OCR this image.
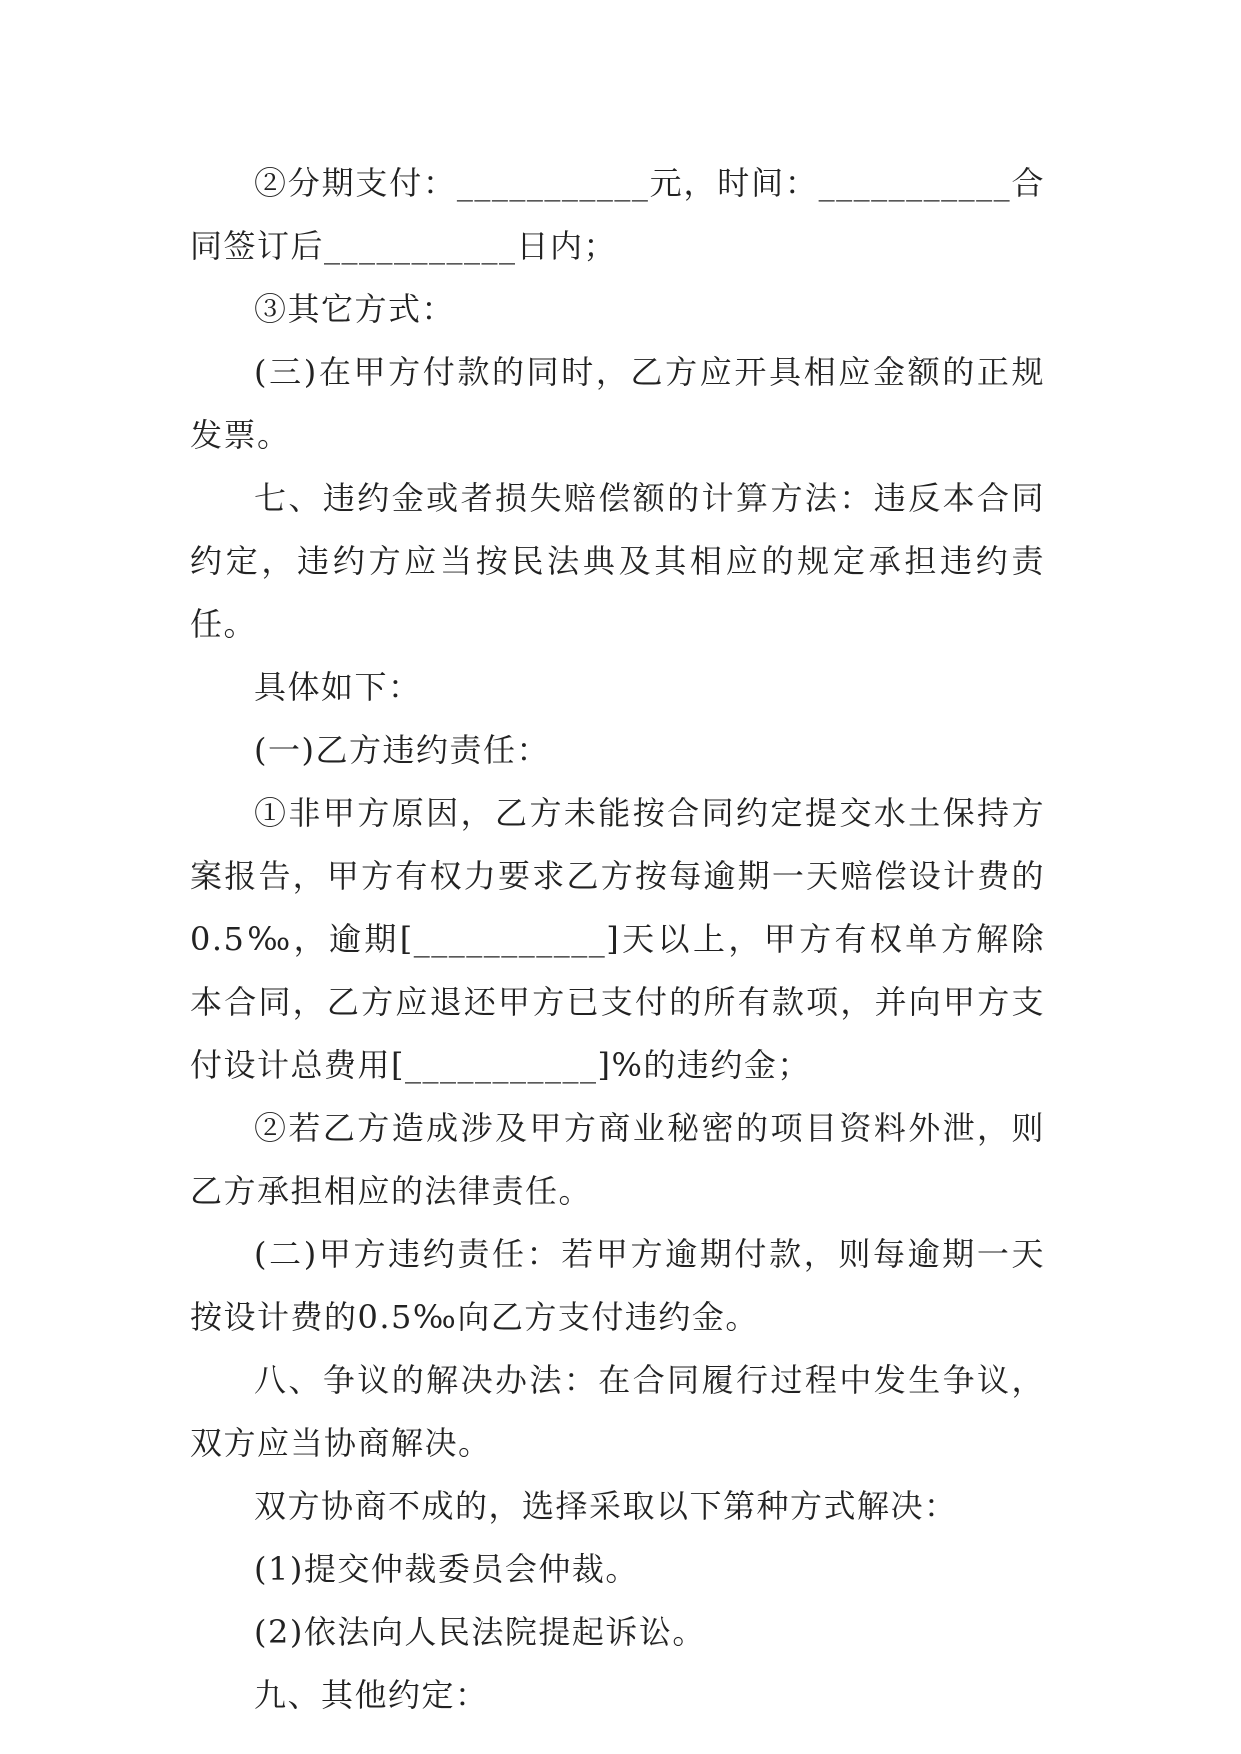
②分期支付：___________元，时间：___________合同签订后___________日内；

③其它方式：

(三)在甲方付款的同时，乙方应开具相应金额的正规发票。

七、违约金或者损失赔偿额的计算方法：违反本合同约定，违约方应当按民法典及其相应的规定承担违约责任。

具体如下：

(一)乙方违约责任：

①非甲方原因，乙方未能按合同约定提交水土保持方案报告，甲方有权力要求乙方按每逾期一天赔偿设计费的0.5‰，逾期[___________]天以上，甲方有权单方解除本合同，乙方应退还甲方已支付的所有款项，并向甲方支付设计总费用[___________]%的违约金；

②若乙方造成涉及甲方商业秘密的项目资料外泄，则乙方承担相应的法律责任。

(二)甲方违约责任：若甲方逾期付款，则每逾期一天按设计费的0.5‰向乙方支付违约金。

八、争议的解决办法：在合同履行过程中发生争议，双方应当协商解决。

双方协商不成的，选择采取以下第种方式解决：

(1)提交仲裁委员会仲裁。

(2)依法向人民法院提起诉讼。

九、其他约定：
